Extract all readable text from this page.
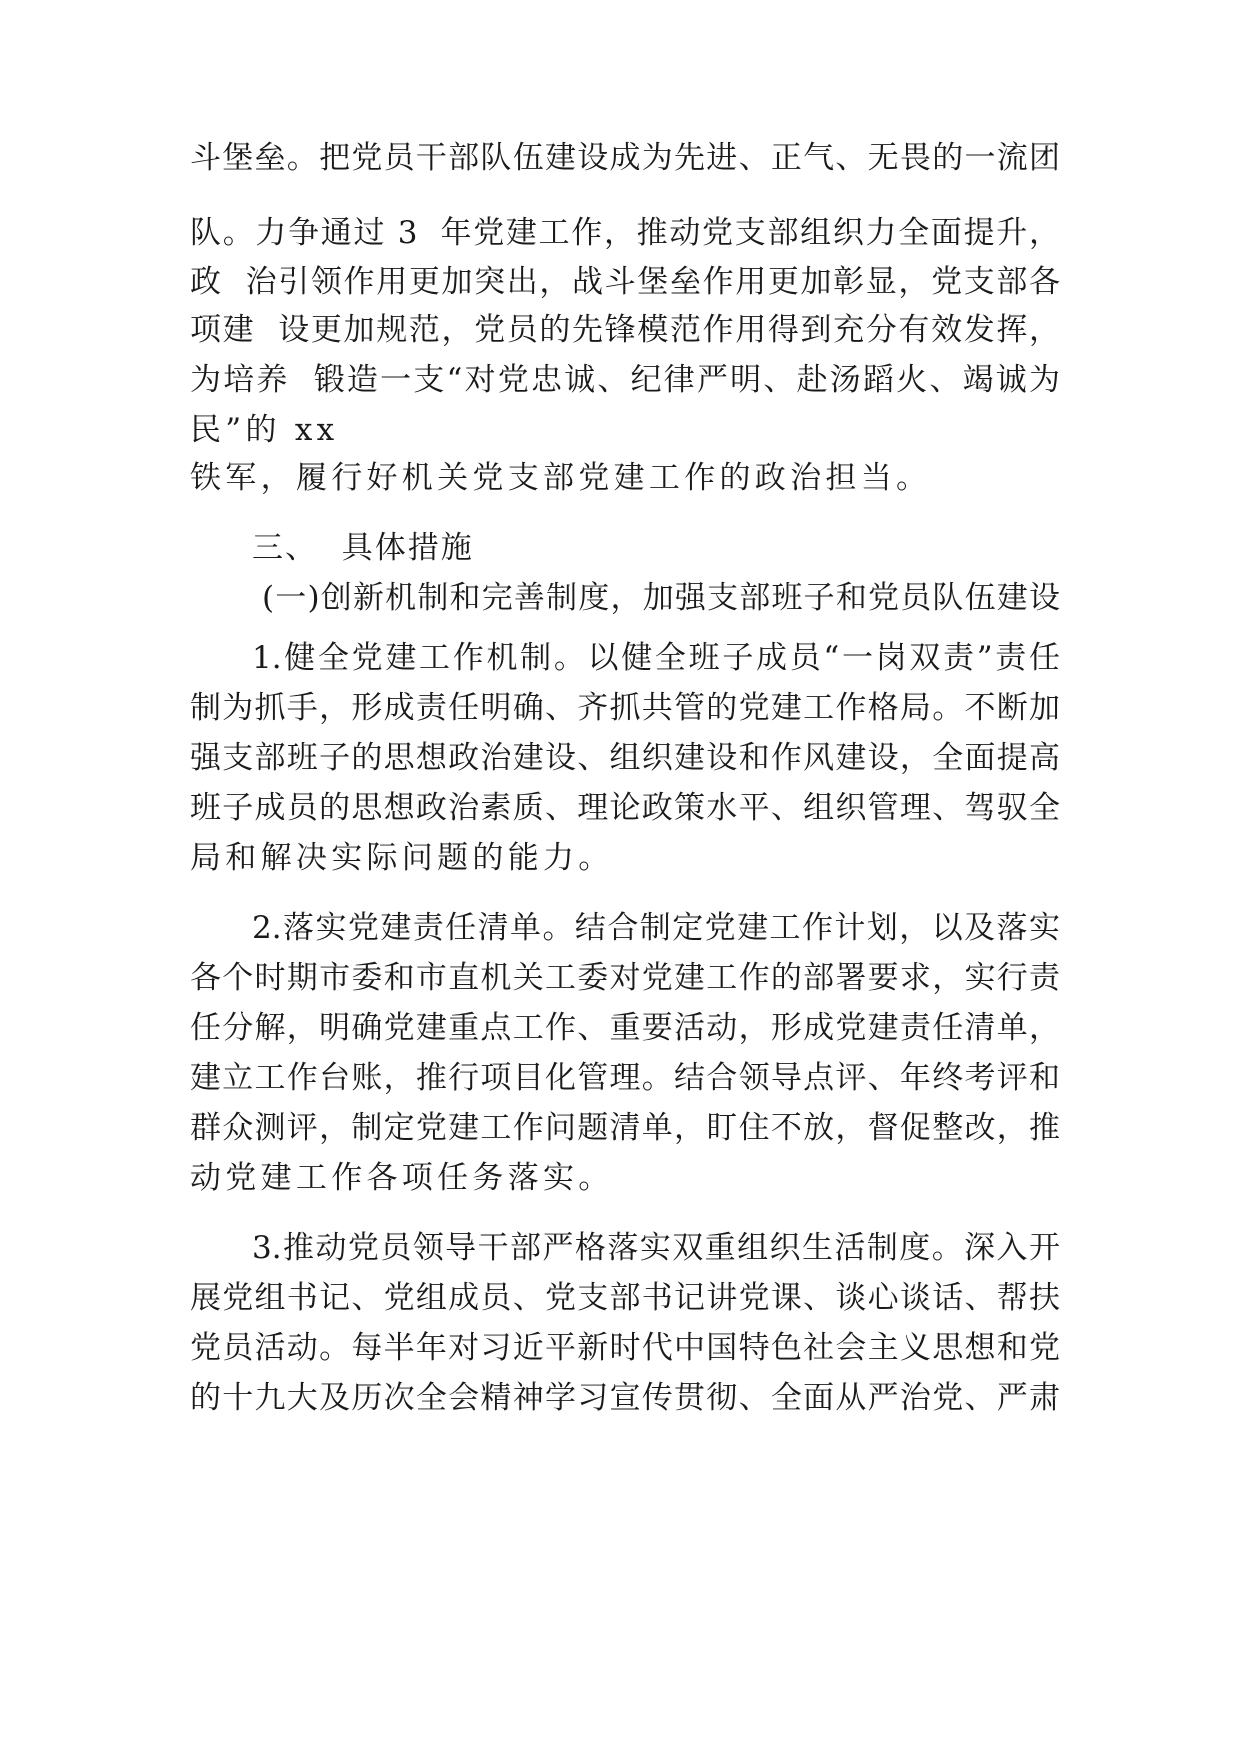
斗堡垒。把党员干部队伍建设成为先进、正气、无畏的一流团

队。力争通过 3  年党建工作，推动党支部组织力全面提升，

政  治引领作用更加突出，战斗堡垒作用更加彰显，党支部各

项建  设更加规范，党员的先锋模范作用得到充分有效发挥，

为培养  锻造一支“对党忠诚、纪律严明、赴汤蹈火、竭诚为

民”的 xx

铁军，履行好机关党支部党建工作的政治担当。

三、  具体措施

(一)创新机制和完善制度，加强支部班子和党员队伍建设

1.健全党建工作机制。以健全班子成员“一岗双责”责任

制为抓手，形成责任明确、齐抓共管的党建工作格局。不断加

强支部班子的思想政治建设、组织建设和作风建设，全面提高

班子成员的思想政治素质、理论政策水平、组织管理、驾驭全

局和解决实际问题的能力。

2.落实党建责任清单。结合制定党建工作计划，以及落实

各个时期市委和市直机关工委对党建工作的部署要求，实行责

任分解，明确党建重点工作、重要活动，形成党建责任清单，

建立工作台账，推行项目化管理。结合领导点评、年终考评和

群众测评，制定党建工作问题清单，盯住不放，督促整改，推

动党建工作各项任务落实。

3.推动党员领导干部严格落实双重组织生活制度。深入开

展党组书记、党组成员、党支部书记讲党课、谈心谈话、帮扶

党员活动。每半年对习近平新时代中国特色社会主义思想和党

的十九大及历次全会精神学习宣传贯彻、全面从严治党、严肃
